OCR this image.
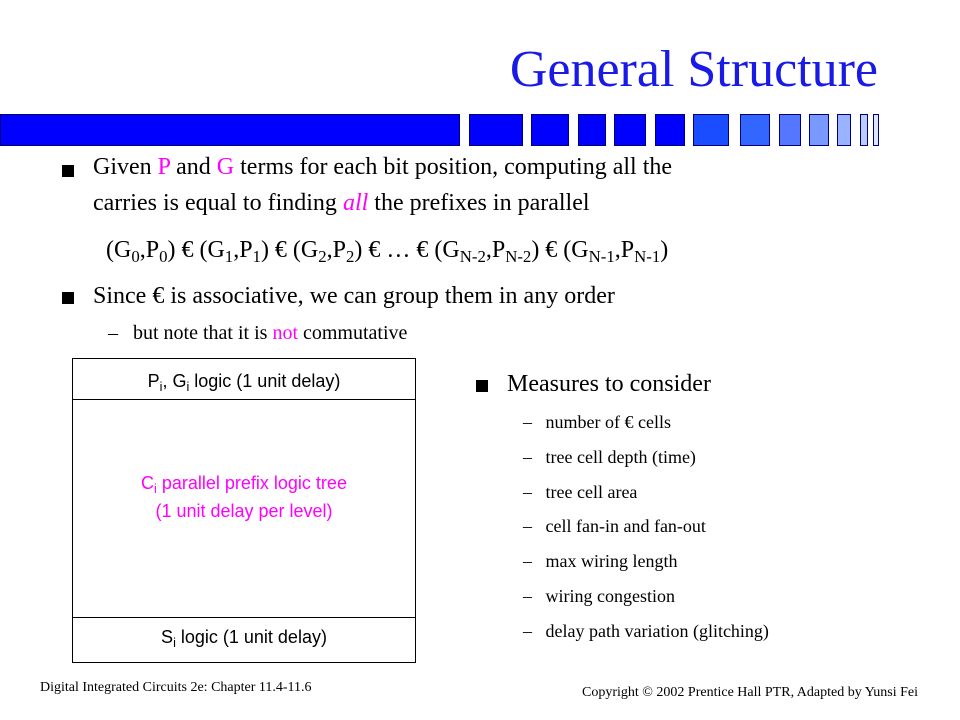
General Structure
Given P and G terms for each bit position, computing all the
carries is equal to finding all the prefixes in parallel
$(G_0,P_0)$ € $(G_1,P_1)$ € $(G_2,P_2)$ € … € $(G_{N-2},P_{N-2})$ € $(G_{N-1},P_{N-1})$
Since € is associative, we can group them in any order
– but note that it is not commutative
$P_i$, $G_i$ logic (1 unit delay)
$C_i$ parallel prefix logic tree
(1 unit delay per level)
$S_i$ logic (1 unit delay)
Measures to consider
– number of € cells
– tree cell depth (time)
– tree cell area
– cell fan-in and fan-out
– max wiring length
– wiring congestion
– delay path variation (glitching)
Digital Integrated Circuits 2e: Chapter 11.4-11.6	Copyright © 2002 Prentice Hall PTR, Adapted by Yunsi Fei
